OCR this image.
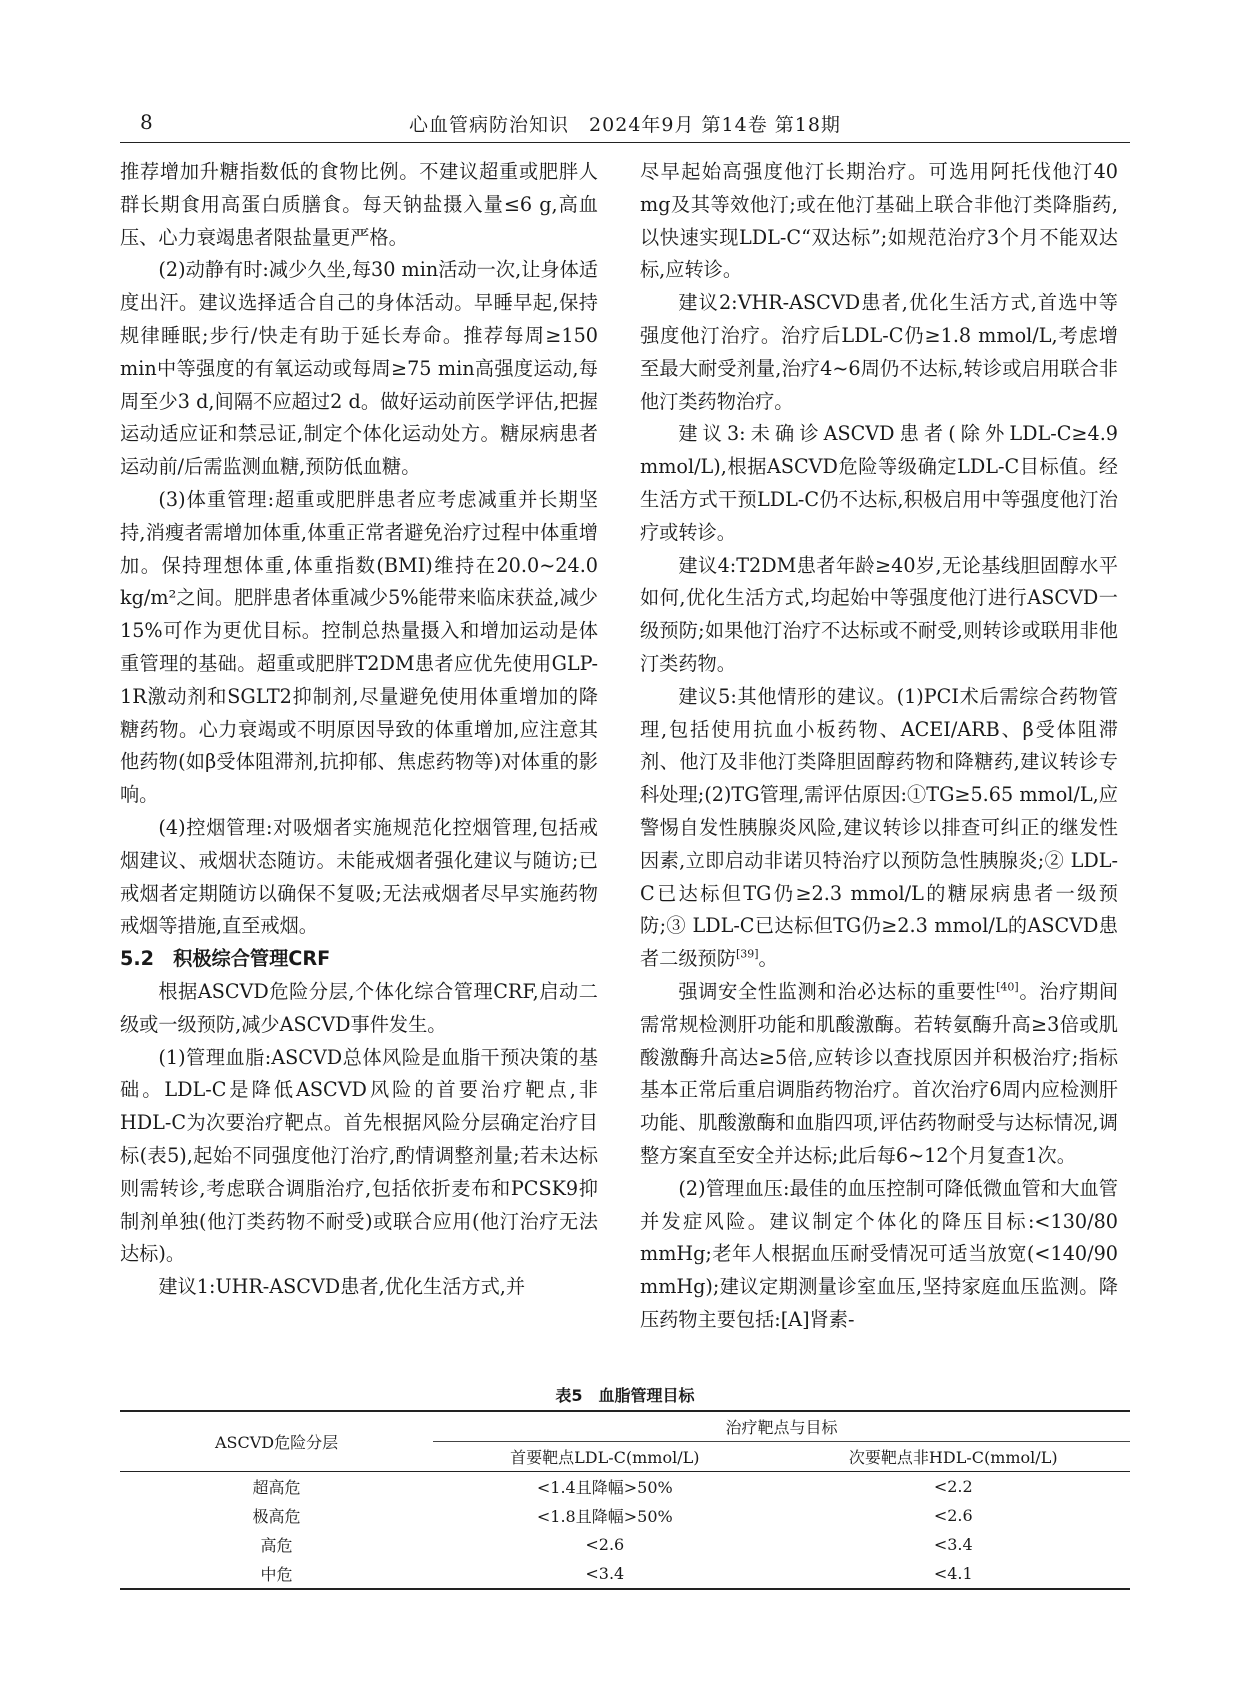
8	心血管病防治知识　2024年9月 第14卷 第18期

推荐增加升糖指数低的食物比例。不建议超重或肥胖人群长期食用高蛋白质膳食。每天钠盐摄入量≤6 g,高血压、心力衰竭患者限盐量更严格。

(2)动静有时:减少久坐,每30 min活动一次,让身体适度出汗。建议选择适合自己的身体活动。早睡早起,保持规律睡眠;步行/快走有助于延长寿命。推荐每周≥150 min中等强度的有氧运动或每周≥75 min高强度运动,每周至少3 d,间隔不应超过2 d。做好运动前医学评估,把握运动适应证和禁忌证,制定个体化运动处方。糖尿病患者运动前/后需监测血糖,预防低血糖。

(3)体重管理:超重或肥胖患者应考虑减重并长期坚持,消瘦者需增加体重,体重正常者避免治疗过程中体重增加。保持理想体重,体重指数(BMI)维持在20.0~24.0 kg/m²之间。肥胖患者体重减少5%能带来临床获益,减少15%可作为更优目标。控制总热量摄入和增加运动是体重管理的基础。超重或肥胖T2DM患者应优先使用GLP-1R激动剂和SGLT2抑制剂,尽量避免使用体重增加的降糖药物。心力衰竭或不明原因导致的体重增加,应注意其他药物(如β受体阻滞剂,抗抑郁、焦虑药物等)对体重的影响。

(4)控烟管理:对吸烟者实施规范化控烟管理,包括戒烟建议、戒烟状态随访。未能戒烟者强化建议与随访;已戒烟者定期随访以确保不复吸;无法戒烟者尽早实施药物戒烟等措施,直至戒烟。

5.2　积极综合管理CRF

根据ASCVD危险分层,个体化综合管理CRF,启动二级或一级预防,减少ASCVD事件发生。

(1)管理血脂:ASCVD总体风险是血脂干预决策的基础。LDL-C是降低ASCVD风险的首要治疗靶点,非HDL-C为次要治疗靶点。首先根据风险分层确定治疗目标(表5),起始不同强度他汀治疗,酌情调整剂量;若未达标则需转诊,考虑联合调脂治疗,包括依折麦布和PCSK9抑制剂单独(他汀类药物不耐受)或联合应用(他汀治疗无法达标)。

建议1:UHR-ASCVD患者,优化生活方式,并

尽早起始高强度他汀长期治疗。可选用阿托伐他汀40 mg及其等效他汀;或在他汀基础上联合非他汀类降脂药,以快速实现LDL-C“双达标”;如规范治疗3个月不能双达标,应转诊。

建议2:VHR-ASCVD患者,优化生活方式,首选中等强度他汀治疗。治疗后LDL-C仍≥1.8 mmol/L,考虑增至最大耐受剂量,治疗4~6周仍不达标,转诊或启用联合非他汀类药物治疗。

建议3:未确诊ASCVD患者(除外LDL-C≥4.9 mmol/L),根据ASCVD危险等级确定LDL-C目标值。经生活方式干预LDL-C仍不达标,积极启用中等强度他汀治疗或转诊。

建议4:T2DM患者年龄≥40岁,无论基线胆固醇水平如何,优化生活方式,均起始中等强度他汀进行ASCVD一级预防;如果他汀治疗不达标或不耐受,则转诊或联用非他汀类药物。

建议5:其他情形的建议。(1)PCI术后需综合药物管理,包括使用抗血小板药物、ACEI/ARB、β受体阻滞剂、他汀及非他汀类降胆固醇药物和降糖药,建议转诊专科处理;(2)TG管理,需评估原因:①TG≥5.65 mmol/L,应警惕自发性胰腺炎风险,建议转诊以排查可纠正的继发性因素,立即启动非诺贝特治疗以预防急性胰腺炎;② LDL-C已达标但TG仍≥2.3 mmol/L的糖尿病患者一级预防;③ LDL-C已达标但TG仍≥2.3 mmol/L的ASCVD患者二级预防[39]。

强调安全性监测和治必达标的重要性[40]。治疗期间需常规检测肝功能和肌酸激酶。若转氨酶升高≥3倍或肌酸激酶升高达≥5倍,应转诊以查找原因并积极治疗;指标基本正常后重启调脂药物治疗。首次治疗6周内应检测肝功能、肌酸激酶和血脂四项,评估药物耐受与达标情况,调整方案直至安全并达标;此后每6~12个月复查1次。

(2)管理血压:最佳的血压控制可降低微血管和大血管并发症风险。建议制定个体化的降压目标:<130/80 mmHg;老年人根据血压耐受情况可适当放宽(<140/90 mmHg);建议定期测量诊室血压,坚持家庭血压监测。降压药物主要包括:[A]肾素-

表5　血脂管理目标
ASCVD危险分层	治疗靶点与目标	
	首要靶点LDL-C(mmol/L)	次要靶点非HDL-C(mmol/L)
超高危	<1.4且降幅>50%	<2.2
极高危	<1.8且降幅>50%	<2.6
高危	<2.6	<3.4
中危	<3.4	<4.1
